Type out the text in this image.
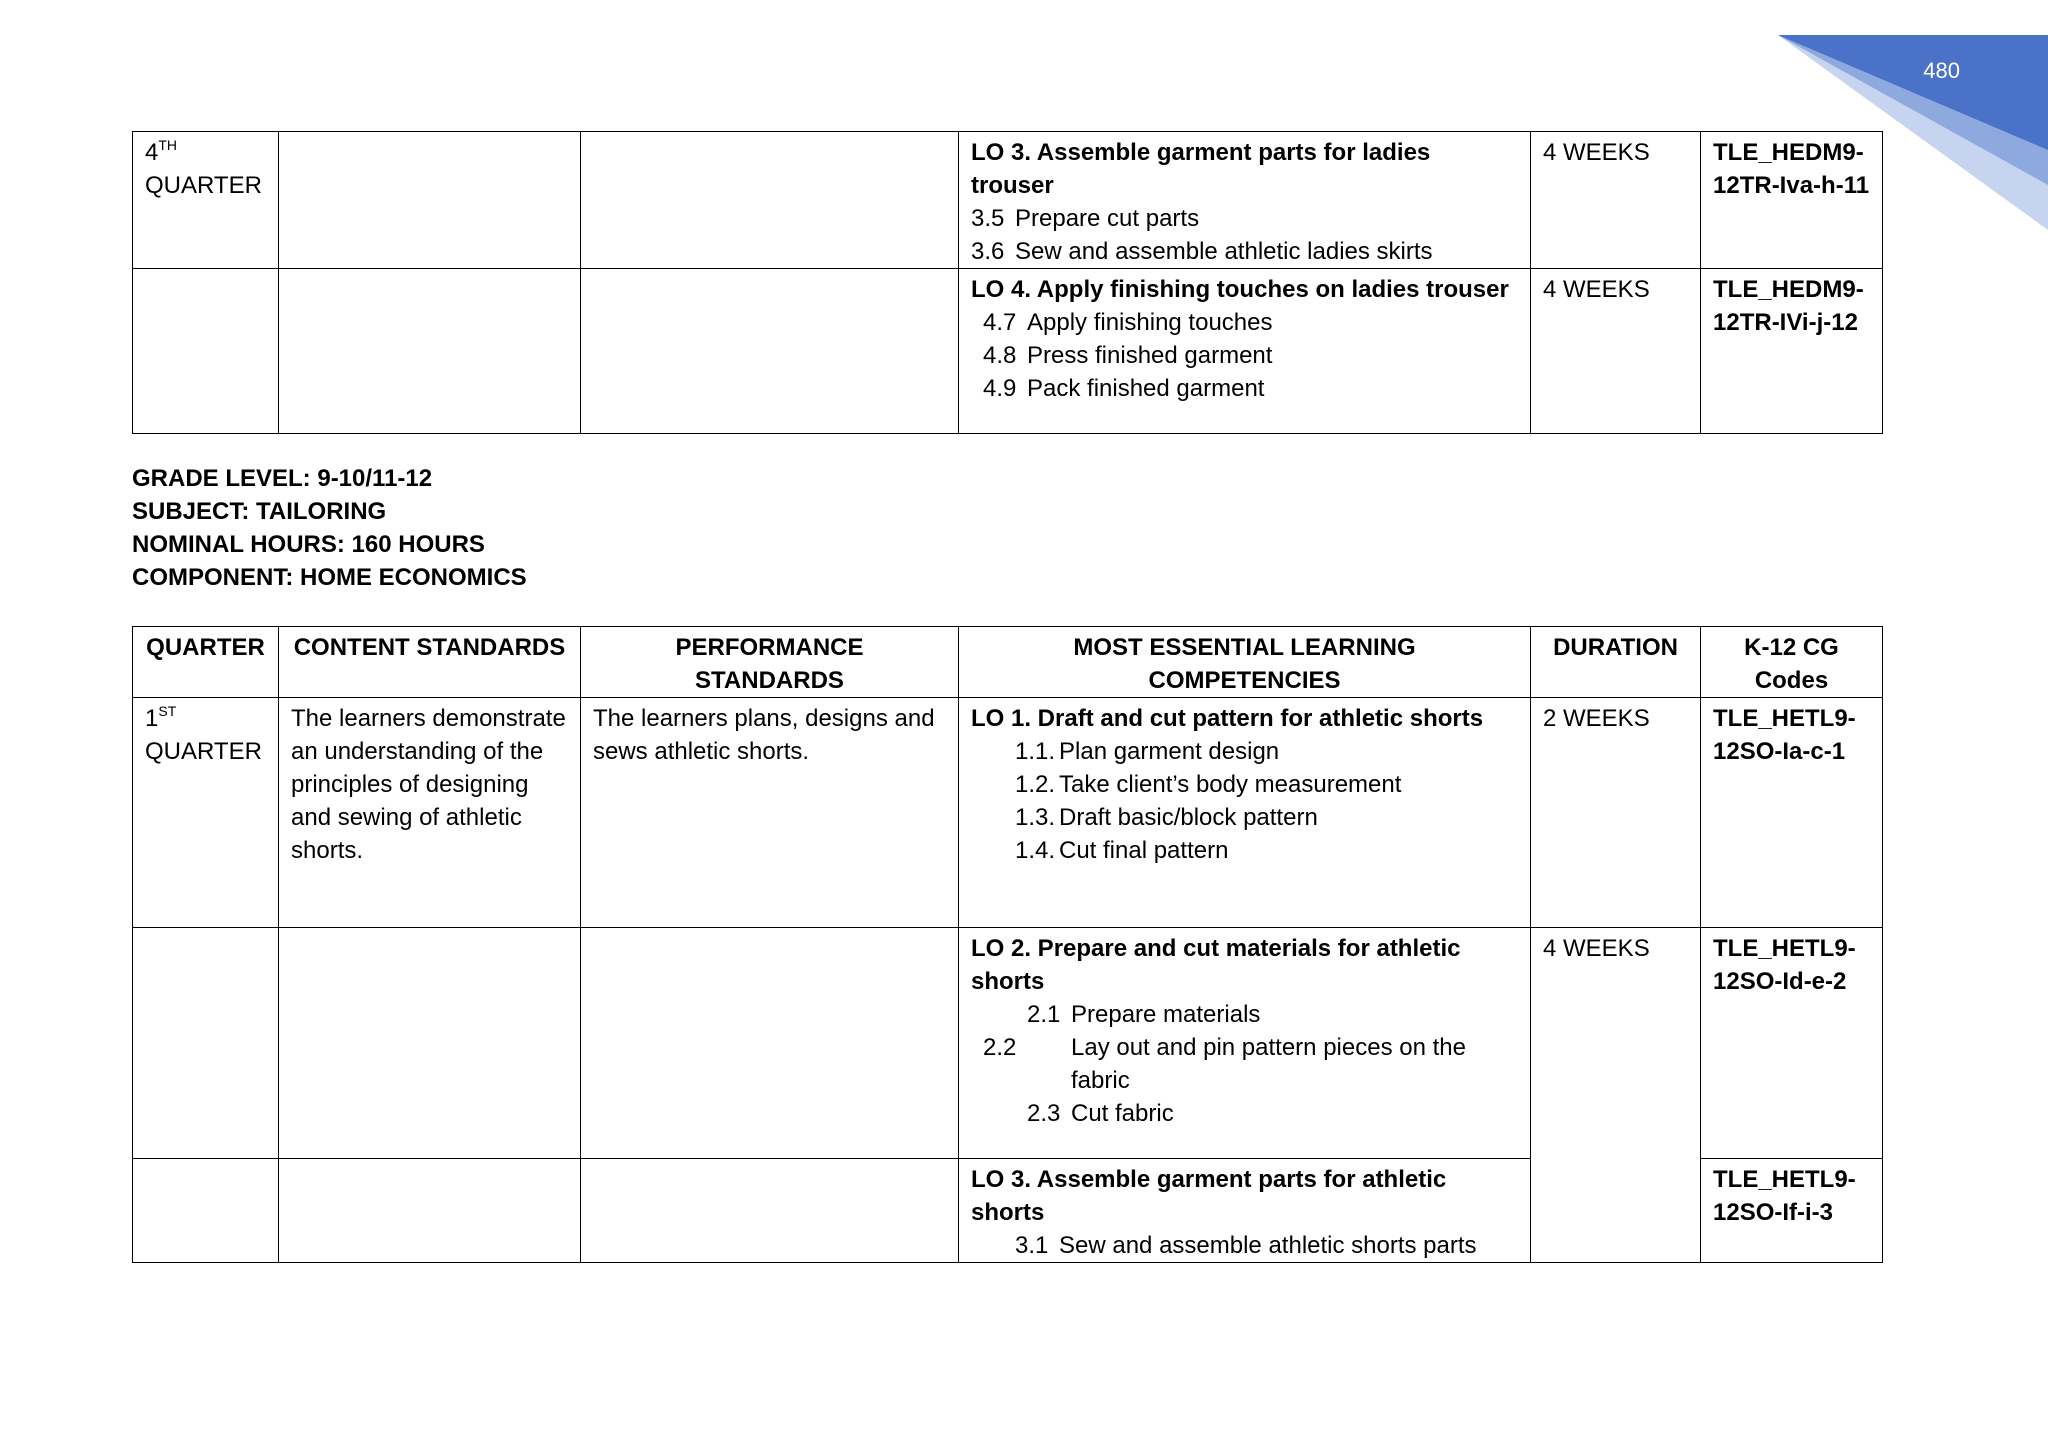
480
4TH
QUARTER			LO 3. Assemble garment parts for ladies trouser
3.5 Prepare cut parts
3.6 Sew and assemble athletic ladies skirts	4 WEEKS	TLE_HEDM9-12TR-Iva-h-11

			LO 4. Apply finishing touches on ladies trouser
4.7 Apply finishing touches
4.8 Press finished garment
4.9 Pack finished garment	4 WEEKS	TLE_HEDM9-12TR-IVi-j-12
GRADE LEVEL: 9-10/11-12
SUBJECT: TAILORING
NOMINAL HOURS: 160 HOURS
COMPONENT: HOME ECONOMICS
QUARTER	CONTENT STANDARDS	PERFORMANCE STANDARDS	MOST ESSENTIAL LEARNING COMPETENCIES	DURATION	K-12 CG Codes
1ST
QUARTER	The learners demonstrate an understanding of the principles of designing and sewing of athletic shorts.	The learners plans, designs and sews athletic shorts.	LO 1. Draft and cut pattern for athletic shorts
1.1. Plan garment design
1.2. Take client’s body measurement
1.3. Draft basic/block pattern
1.4. Cut final pattern	2 WEEKS	TLE_HETL9-12SO-Ia-c-1

			LO 2. Prepare and cut materials for athletic shorts
2.1 Prepare materials
2.2 Lay out and pin pattern pieces on the fabric
2.3 Cut fabric	4 WEEKS	TLE_HETL9-12SO-Id-e-2

			LO 3. Assemble garment parts for athletic shorts
3.1 Sew and assemble athletic shorts parts		TLE_HETL9-12SO-If-i-3
